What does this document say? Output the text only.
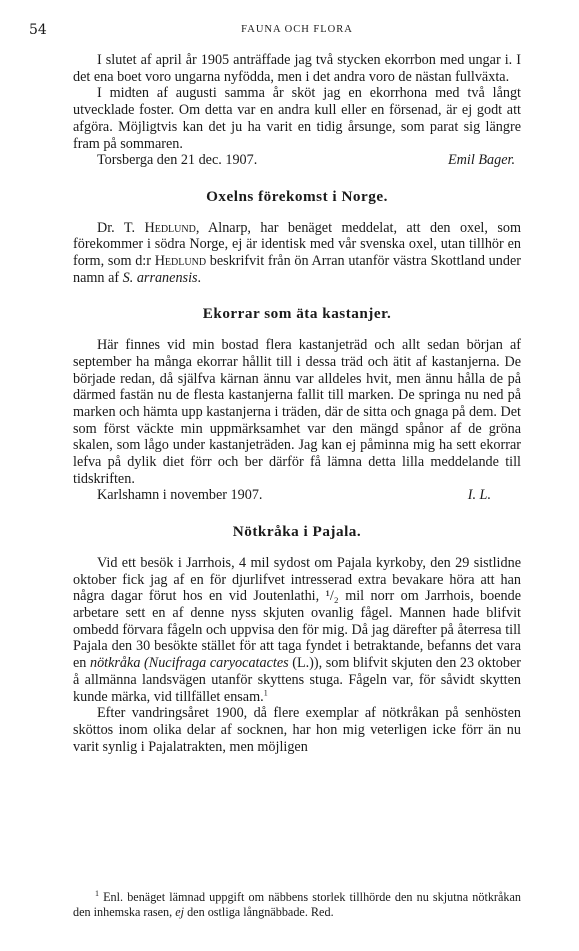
54	FAUNA OCH FLORA

I slutet af april år 1905 anträffade jag två stycken ekorrbon med ungar i. I det ena boet voro ungarna nyfödda, men i det andra voro de nästan fullväxta.

I midten af augusti samma år sköt jag en ekorrhona med två långt utvecklade foster. Om detta var en andra kull eller en försenad, är ej godt att afgöra. Möjligtvis kan det ju ha varit en tidig årsunge, som parat sig längre fram på sommaren.

Torsberga den 21 dec. 1907.	Emil Bager.

Oxelns förekomst i Norge.

Dr. T. Hedlund, Alnarp, har benäget meddelat, att den oxel, som förekommer i södra Norge, ej är identisk med vår svenska oxel, utan tillhör en form, som d:r Hedlund beskrifvit från ön Arran utanför västra Skottland under namn af S. arranensis.

Ekorrar som äta kastanjer.

Här finnes vid min bostad flera kastanjeträd och allt sedan början af september ha många ekorrar hållit till i dessa träd och ätit af kastanjerna. De började redan, då själfva kärnan ännu var alldeles hvit, men ännu hålla de på därmed fastän nu de flesta kastanjerna fallit till marken. De springa nu ned på marken och hämta upp kastanjerna i träden, där de sitta och gnaga på dem. Det som först väckte min uppmärksamhet var den mängd spånor af de gröna skalen, som lågo under kastanjeträden. Jag kan ej påminna mig ha sett ekorrar lefva på dylik diet förr och ber därför få lämna detta lilla meddelande till tidskriften.

Karlshamn i november 1907.	I. L.

Nötkråka i Pajala.

Vid ett besök i Jarrhois, 4 mil sydost om Pajala kyrkoby, den 29 sistlidne oktober fick jag af en för djurlifvet intresserad extra bevakare höra att han några dagar förut hos en vid Joutenlathi, ¹/₂ mil norr om Jarrhois, boende arbetare sett en af denne nyss skjuten ovanlig fågel. Mannen hade blifvit ombedd förvara fågeln och uppvisa den för mig. Då jag därefter på återresa till Pajala den 30 besökte stället för att taga fyndet i betraktande, befanns det vara en nötkråka (Nucifraga caryocatactes (L.)), som blifvit skjuten den 23 oktober å allmänna landsvägen utanför skyttens stuga. Fågeln var, för såvidt skytten kunde märka, vid tillfället ensam.$^1$

Efter vandringsåret 1900, då flere exemplar af nötkråkan på senhösten sköttos inom olika delar af socknen, har hon mig veterligen icke förr än nu varit synlig i Pajalatrakten, men möjligen

$^1$ Enl. benäget lämnad uppgift om näbbens storlek tillhörde den nu skjutna nötkråkan den inhemska rasen, ej den ostliga långnäbbade. Red.
